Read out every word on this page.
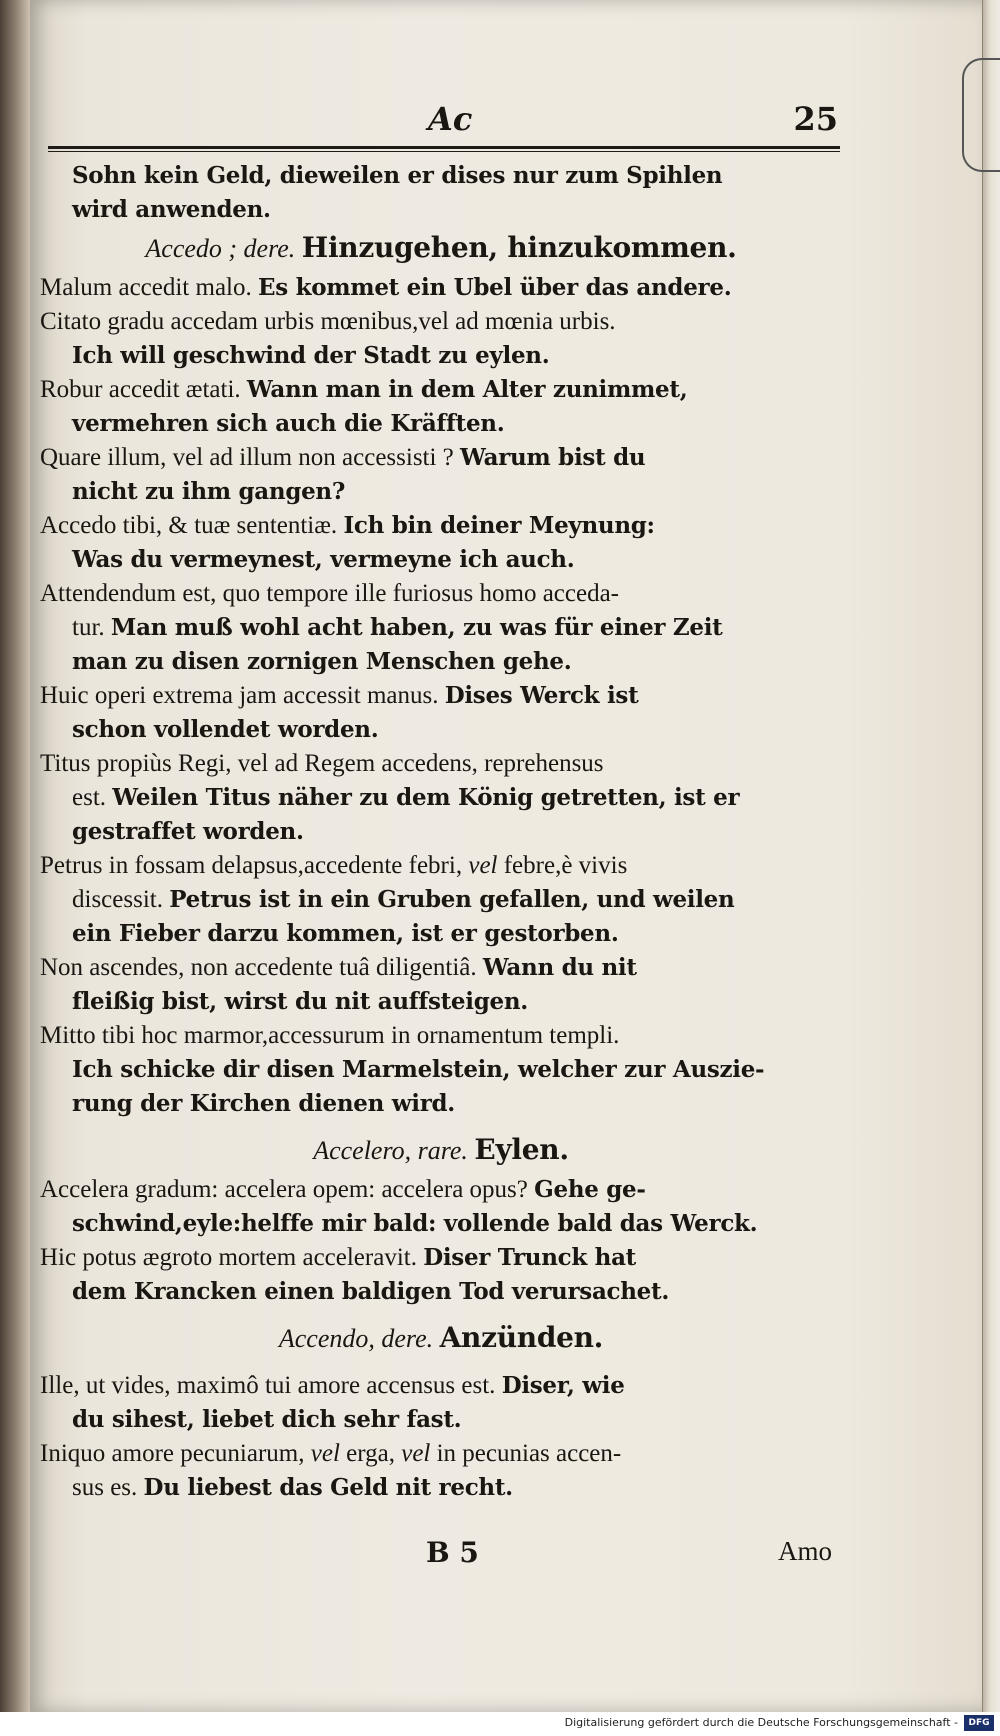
Ac	25
Sohn kein Geld, dieweilen er dises nur zum Spihlen
wird anwenden.
Accedo ; dere. Hinzugehen, hinzukommen.
Malum accedit malo. Es kommet ein Ubel über das andere.
Citato gradu accedam urbis mœnibus,vel ad mœnia urbis.
Ich will geschwind der Stadt zu eylen.
Robur accedit ætati. Wann man in dem Alter zunimmet,
vermehren sich auch die Kräfften.
Quare illum, vel ad illum non accessisti ? Warum bist du
nicht zu ihm gangen?
Accedo tibi, & tuæ sententiæ. Ich bin deiner Meynung:
Was du vermeynest, vermeyne ich auch.
Attendendum est, quo tempore ille furiosus homo acceda-
tur. Man muß wohl acht haben, zu was für einer Zeit
man zu disen zornigen Menschen gehe.
Huic operi extrema jam accessit manus. Dises Werck ist
schon vollendet worden.
Titus propiùs Regi, vel ad Regem accedens, reprehensus
est. Weilen Titus näher zu dem König getretten, ist er
gestraffet worden.
Petrus in fossam delapsus,accedente febri, vel febre,è vivis
discessit. Petrus ist in ein Gruben gefallen, und weilen
ein Fieber darzu kommen, ist er gestorben.
Non ascendes, non accedente tuâ diligentiâ. Wann du nit
fleißig bist, wirst du nit auffsteigen.
Mitto tibi hoc marmor,accessurum in ornamentum templi.
Ich schicke dir disen Marmelstein, welcher zur Auszie-
rung der Kirchen dienen wird.
Accelero, rare. Eylen.
Accelera gradum: accelera opem: accelera opus? Gehe ge-
schwind,eyle:helffe mir bald: vollende bald das Werck.
Hic potus ægroto mortem acceleravit. Diser Trunck hat
dem Krancken einen baldigen Tod verursachet.
Accendo, dere. Anzünden.
Ille, ut vides, maximô tui amore accensus est. Diser, wie
du sihest, liebet dich sehr fast.
Iniquo amore pecuniarum, vel erga, vel in pecunias accen-
sus es. Du liebest das Geld nit recht.
B 5	Amo
Digitalisierung gefördert durch die Deutsche Forschungsgemeinschaft -	DFG
